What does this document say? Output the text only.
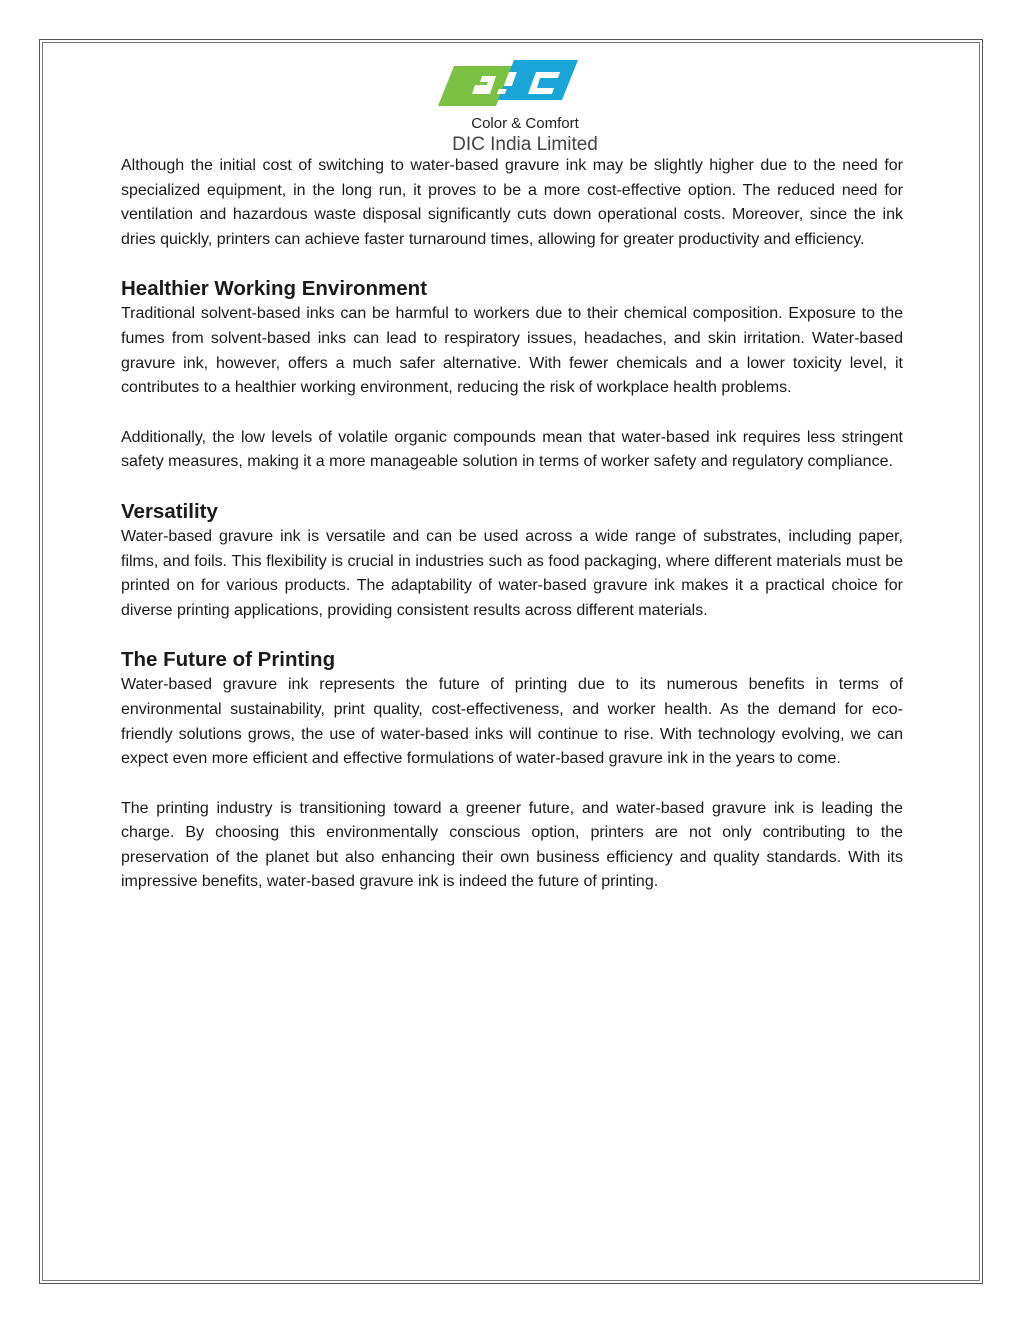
Color & Comfort
DIC India Limited

Although the initial cost of switching to water-based gravure ink may be slightly higher due to the need for specialized equipment, in the long run, it proves to be a more cost-effective option. The reduced need for ventilation and hazardous waste disposal significantly cuts down operational costs. Moreover, since the ink dries quickly, printers can achieve faster turnaround times, allowing for greater productivity and efficiency.

Healthier Working Environment

Traditional solvent-based inks can be harmful to workers due to their chemical composition. Exposure to the fumes from solvent-based inks can lead to respiratory issues, headaches, and skin irritation. Water-based gravure ink, however, offers a much safer alternative. With fewer chemicals and a lower toxicity level, it contributes to a healthier working environment, reducing the risk of workplace health problems.

Additionally, the low levels of volatile organic compounds mean that water-based ink requires less stringent safety measures, making it a more manageable solution in terms of worker safety and regulatory compliance.

Versatility

Water-based gravure ink is versatile and can be used across a wide range of substrates, including paper, films, and foils. This flexibility is crucial in industries such as food packaging, where different materials must be printed on for various products. The adaptability of water-based gravure ink makes it a practical choice for diverse printing applications, providing consistent results across different materials.

The Future of Printing

Water-based gravure ink represents the future of printing due to its numerous benefits in terms of environmental sustainability, print quality, cost-effectiveness, and worker health. As the demand for eco-friendly solutions grows, the use of water-based inks will continue to rise. With technology evolving, we can expect even more efficient and effective formulations of water-based gravure ink in the years to come.

The printing industry is transitioning toward a greener future, and water-based gravure ink is leading the charge. By choosing this environmentally conscious option, printers are not only contributing to the preservation of the planet but also enhancing their own business efficiency and quality standards. With its impressive benefits, water-based gravure ink is indeed the future of printing.
